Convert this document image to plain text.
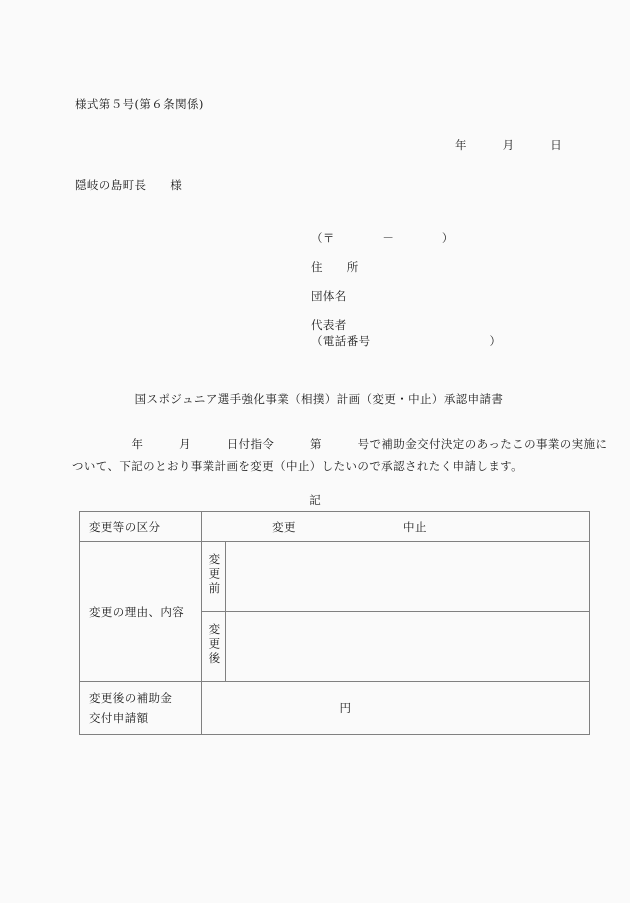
様式第５号(第６条関係)
年　　　月　　　日
隠岐の島町長　　様
（〒　　　　－　　　　）
住　　所
団体名
代表者
（電話番号　　　　　　　　　　）
国スポジュニア選手強化事業（相撲）計画（変更・中止）承認申請書
　　　　　年　　　月　　　日付指令　　　第　　　号で補助金交付決定のあったこの事業の実施に
ついて、下記のとおり事業計画を変更（中止）したいので承認されたく申請します。
記
変更等の区分	変更　　　　　　　　　中止	
変更の理由、内容	変更前	
	変更後	

変更後の補助金
交付申請額	円	
